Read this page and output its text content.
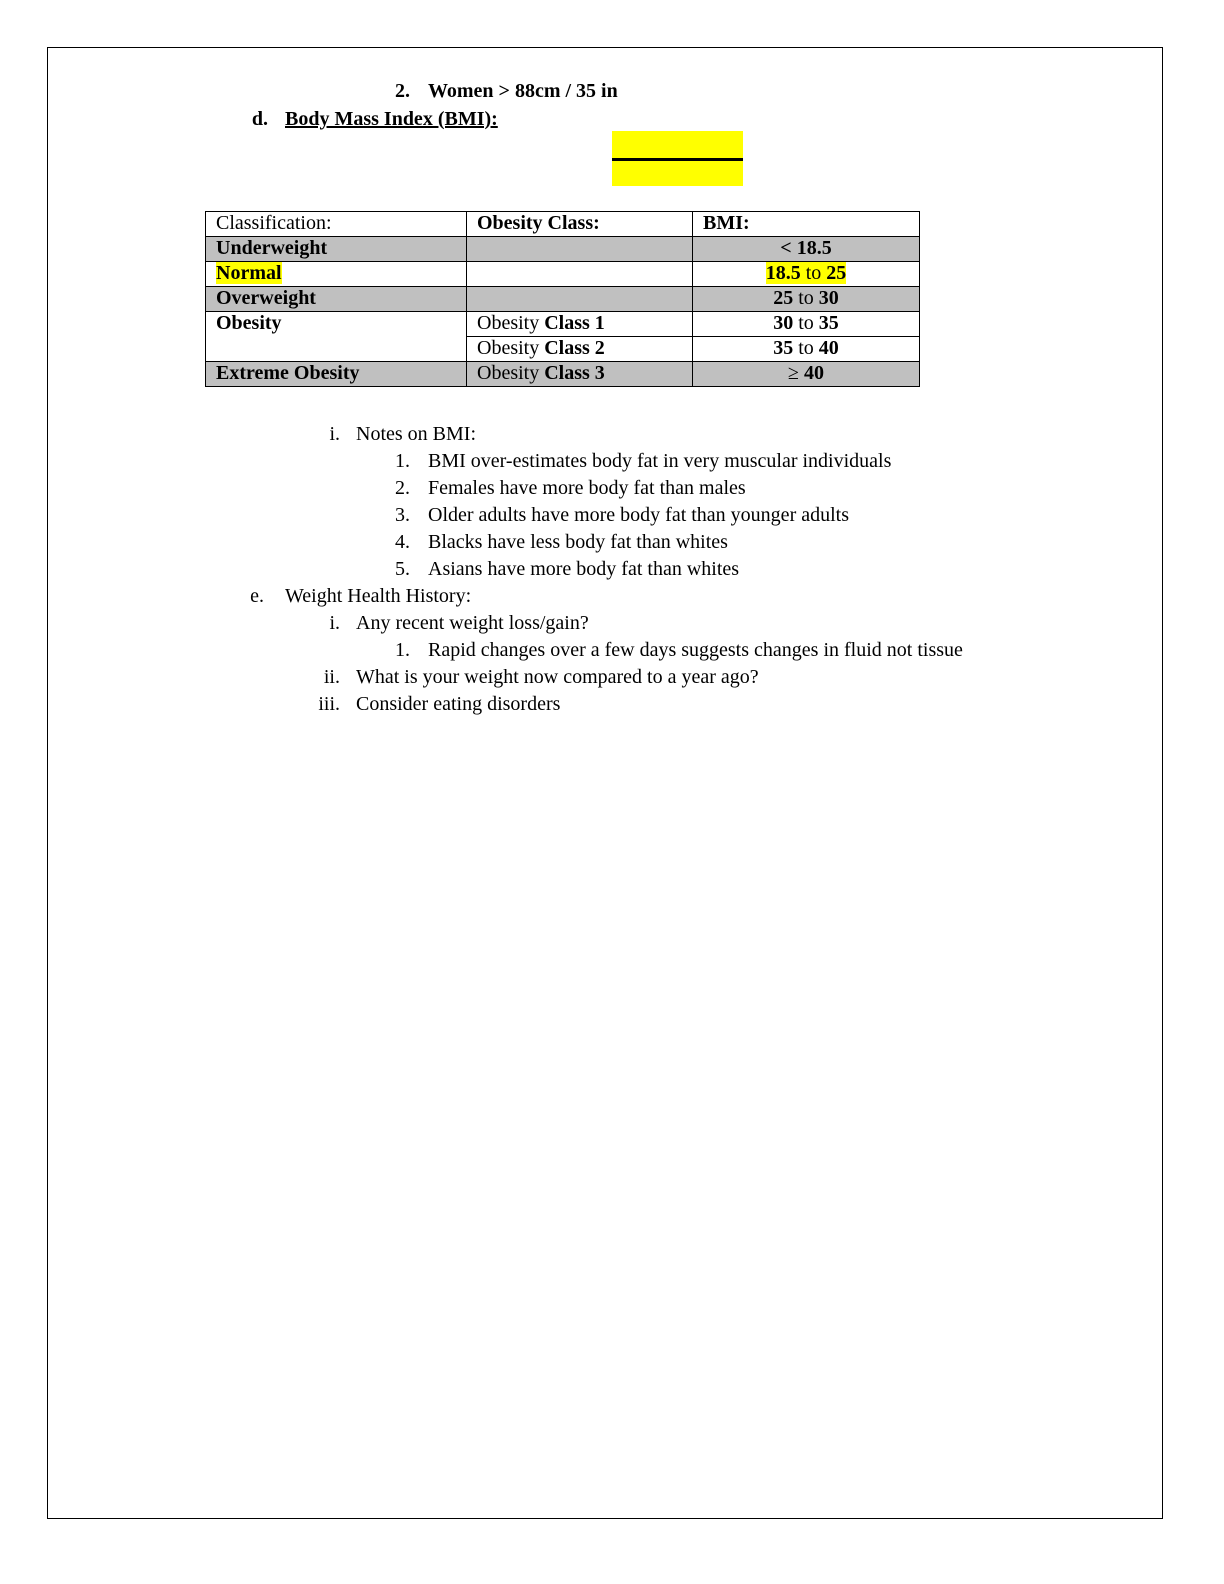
2. Women > 88cm / 35 in
d. Body Mass Index (BMI):
Classification:	Obesity Class:	BMI:
Underweight		< 18.5
Normal		18.5 to 25
Overweight		25 to 30
Obesity	Obesity Class 1	30 to 35
	Obesity Class 2	35 to 40
Extreme Obesity	Obesity Class 3	≥ 40
i. Notes on BMI:
1. BMI over-estimates body fat in very muscular individuals
2. Females have more body fat than males
3. Older adults have more body fat than younger adults
4. Blacks have less body fat than whites
5. Asians have more body fat than whites
e. Weight Health History:
i. Any recent weight loss/gain?
1. Rapid changes over a few days suggests changes in fluid not tissue
ii. What is your weight now compared to a year ago?
iii. Consider eating disorders
